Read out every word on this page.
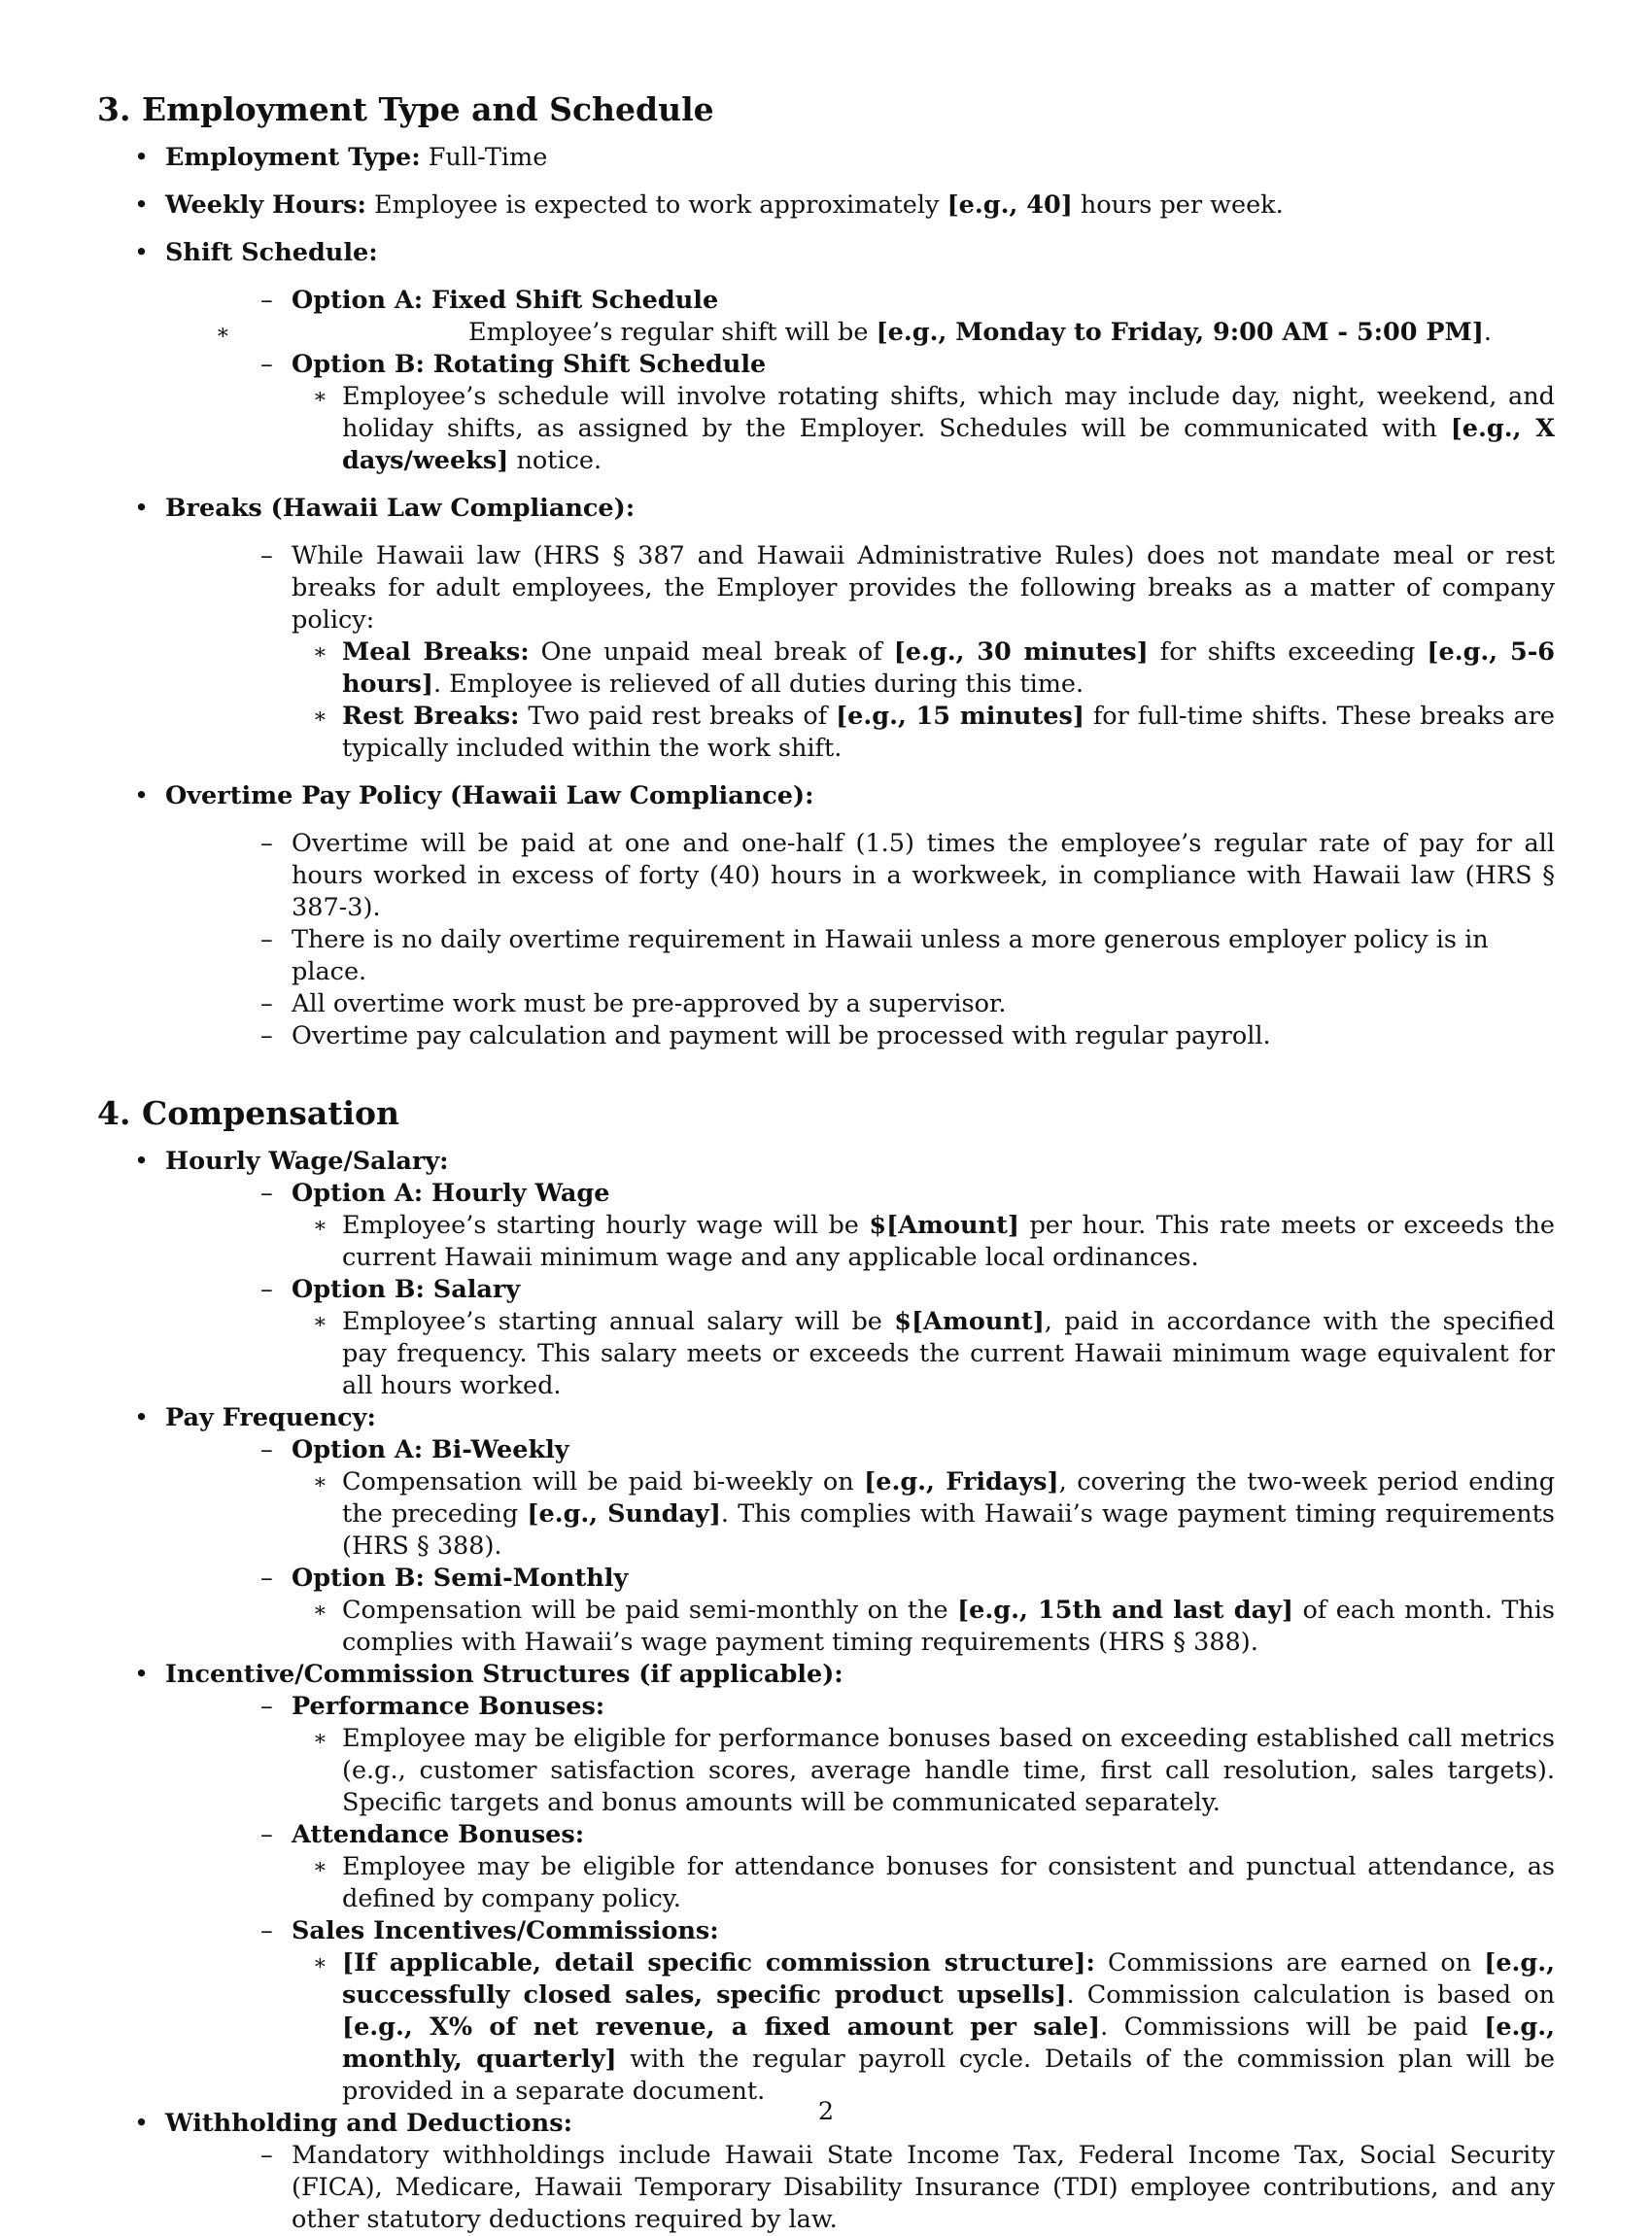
3. Employment Type and Schedule
• Employment Type: Full-Time
• Weekly Hours: Employee is expected to work approximately [e.g., 40] hours per week.
• Shift Schedule:
– Option A: Fixed Shift Schedule
∗	Employee’s regular shift will be [e.g., Monday to Friday, 9:00 AM - 5:00 PM].
– Option B: Rotating Shift Schedule
∗ Employee’s schedule will involve rotating shifts, which may include day, night, weekend, and holiday shifts, as assigned by the Employer. Schedules will be communicated with [e.g., X days/weeks] notice.
• Breaks (Hawaii Law Compliance):
– While Hawaii law (HRS § 387 and Hawaii Administrative Rules) does not mandate meal or rest breaks for adult employees, the Employer provides the following breaks as a matter of company policy:
∗ Meal Breaks: One unpaid meal break of [e.g., 30 minutes] for shifts exceeding [e.g., 5-6 hours]. Employee is relieved of all duties during this time.
∗ Rest Breaks: Two paid rest breaks of [e.g., 15 minutes] for full-time shifts. These breaks are typically included within the work shift.
• Overtime Pay Policy (Hawaii Law Compliance):
– Overtime will be paid at one and one-half (1.5) times the employee’s regular rate of pay for all hours worked in excess of forty (40) hours in a workweek, in compliance with Hawaii law (HRS § 387-3).
– There is no daily overtime requirement in Hawaii unless a more generous employer policy is in place.
– All overtime work must be pre-approved by a supervisor.
– Overtime pay calculation and payment will be processed with regular payroll.
4. Compensation
• Hourly Wage/Salary:
– Option A: Hourly Wage
∗ Employee’s starting hourly wage will be $[Amount] per hour. This rate meets or exceeds the current Hawaii minimum wage and any applicable local ordinances.
– Option B: Salary
∗ Employee’s starting annual salary will be $[Amount], paid in accordance with the specified pay frequency. This salary meets or exceeds the current Hawaii minimum wage equivalent for all hours worked.
• Pay Frequency:
– Option A: Bi-Weekly
∗ Compensation will be paid bi-weekly on [e.g., Fridays], covering the two-week period ending the preceding [e.g., Sunday]. This complies with Hawaii’s wage payment timing requirements (HRS § 388).
– Option B: Semi-Monthly
∗ Compensation will be paid semi-monthly on the [e.g., 15th and last day] of each month. This complies with Hawaii’s wage payment timing requirements (HRS § 388).
• Incentive/Commission Structures (if applicable):
– Performance Bonuses:
∗ Employee may be eligible for performance bonuses based on exceeding established call metrics (e.g., customer satisfaction scores, average handle time, first call resolution, sales targets). Specific targets and bonus amounts will be communicated separately.
– Attendance Bonuses:
∗ Employee may be eligible for attendance bonuses for consistent and punctual attendance, as defined by company policy.
– Sales Incentives/Commissions:
∗ [If applicable, detail specific commission structure]: Commissions are earned on [e.g., successfully closed sales, specific product upsells]. Commission calculation is based on [e.g., X% of net revenue, a fixed amount per sale]. Commissions will be paid [e.g., monthly, quarterly] with the regular payroll cycle. Details of the commission plan will be provided in a separate document.
• Withholding and Deductions:
– Mandatory withholdings include Hawaii State Income Tax, Federal Income Tax, Social Security (FICA), Medicare, Hawaii Temporary Disability Insurance (TDI) employee contributions, and any other statutory deductions required by law.
2
